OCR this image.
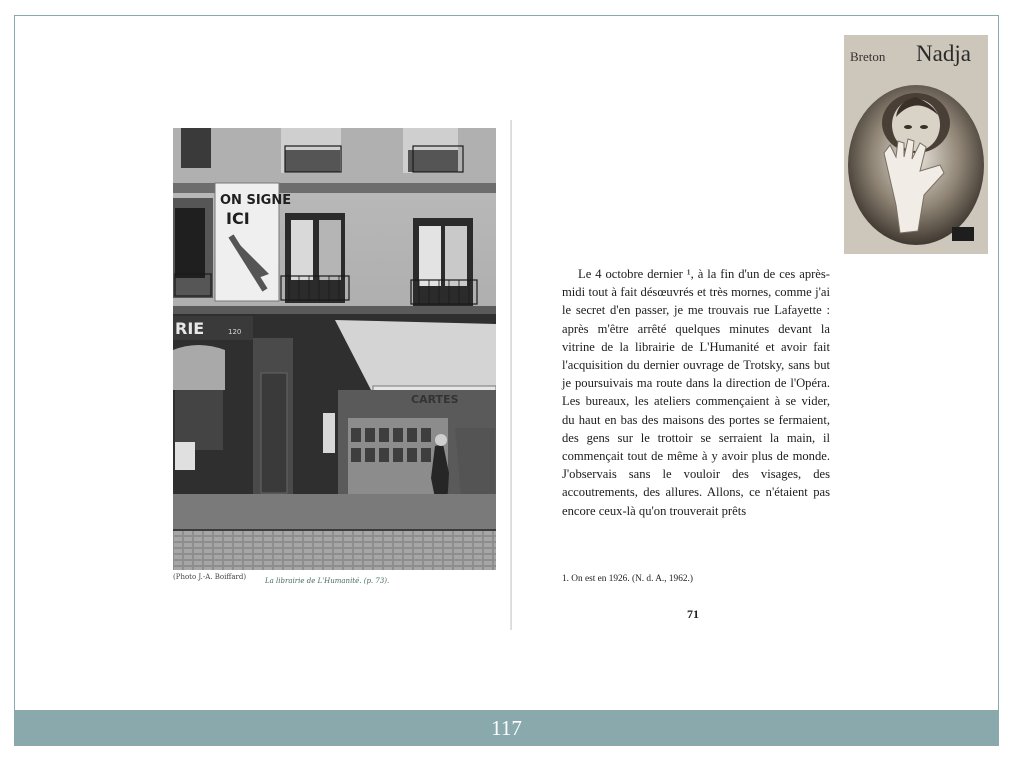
ON SIGNE
ICI
RIE	120
CARTES
(Photo J.-A. Boiffard)	La librairie de L'Humanité. (p. 73).

Le 4 octobre dernier ¹, à la fin d'un de ces après-midi tout à fait désœuvrés et très mornes, comme j'ai le secret d'en passer, je me trouvais rue Lafayette : après m'être arrêté quelques minutes devant la vitrine de la librairie de L'Humanité et avoir fait l'acquisition du dernier ouvrage de Trotsky, sans but je poursuivais ma route dans la direction de l'Opéra. Les bureaux, les ateliers commençaient à se vider, du haut en bas des maisons des portes se fermaient, des gens sur le trottoir se serraient la main, il commençait tout de même à y avoir plus de monde. J'observais sans le vouloir des visages, des accoutrements, des allures. Allons, ce n'étaient pas encore ceux-là qu'on trouverait prêts

1. On est en 1926. (N. d. A., 1962.)
71
Breton Nadja
117
